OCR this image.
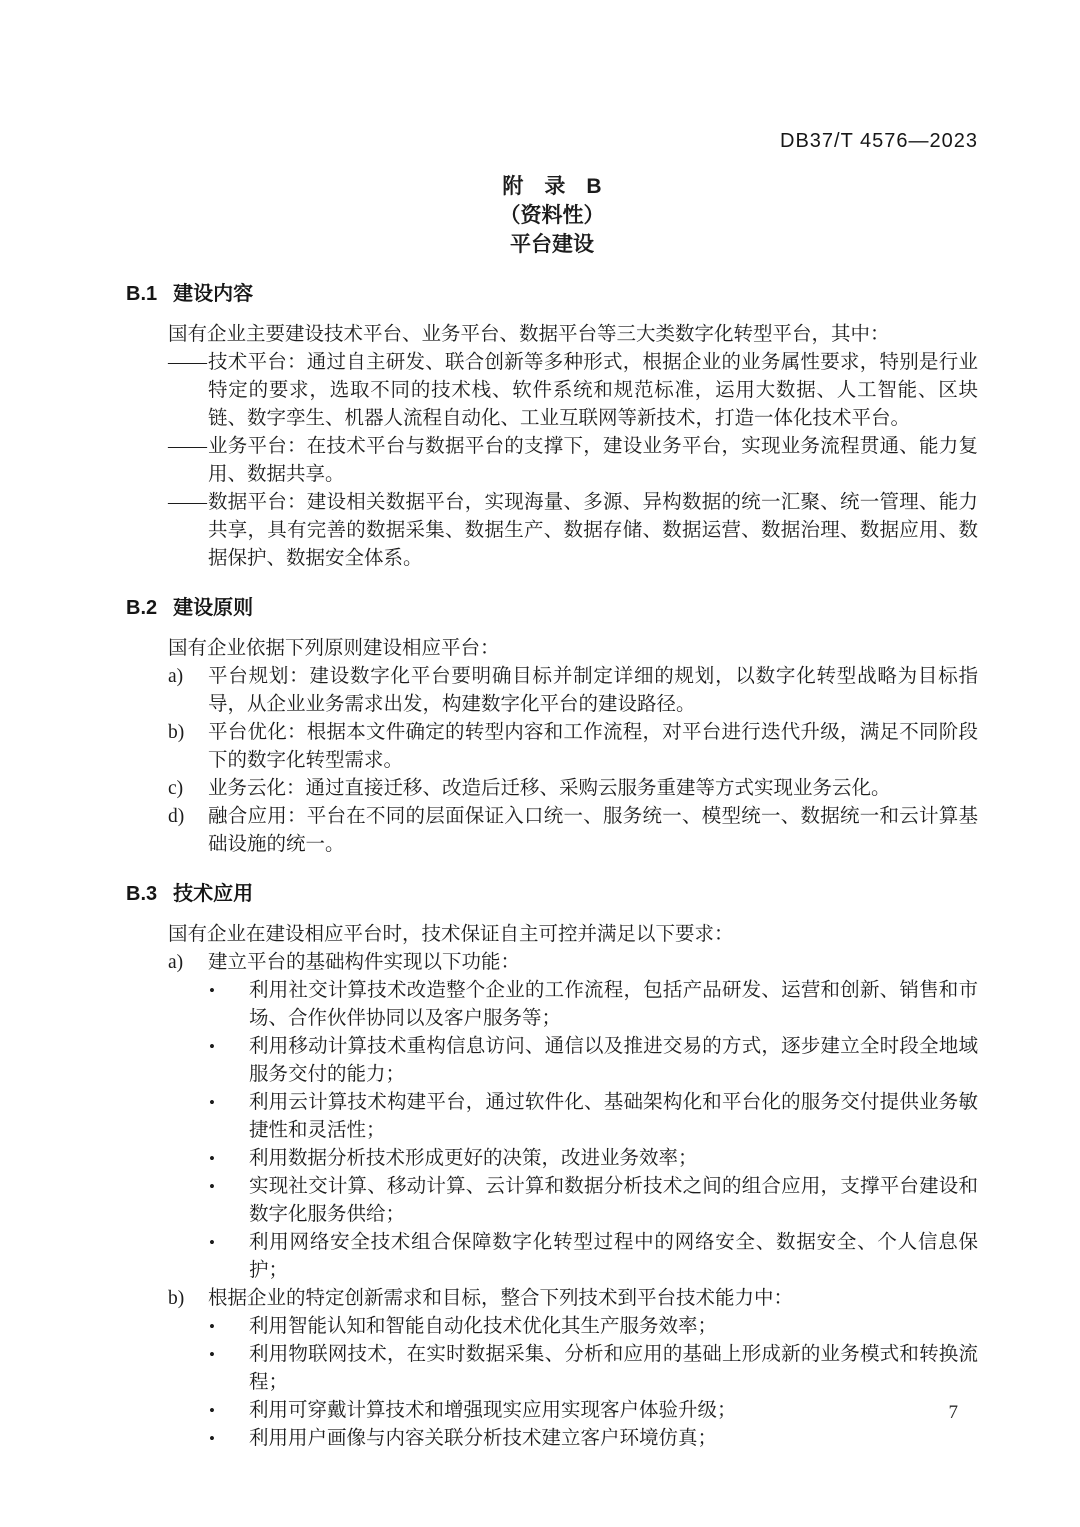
DB37/T 4576—2023
附　录　B
（资料性）
平台建设
B.1 建设内容

国有企业主要建设技术平台、业务平台、数据平台等三大类数字化转型平台，其中：

—— 技术平台：通过自主研发、联合创新等多种形式，根据企业的业务属性要求，特别是行业特定的要求，选取不同的技术栈、软件系统和规范标准，运用大数据、人工智能、区块链、数字孪生、机器人流程自动化、工业互联网等新技术，打造一体化技术平台。
—— 业务平台：在技术平台与数据平台的支撑下，建设业务平台，实现业务流程贯通、能力复用、数据共享。
—— 数据平台：建设相关数据平台，实现海量、多源、异构数据的统一汇聚、统一管理、能力共享，具有完善的数据采集、数据生产、数据存储、数据运营、数据治理、数据应用、数据保护、数据安全体系。
B.2 建设原则

国有企业依据下列原则建设相应平台：

a)	平台规划：建设数字化平台要明确目标并制定详细的规划，以数字化转型战略为目标指导，从企业业务需求出发，构建数字化平台的建设路径。
b)	平台优化：根据本文件确定的转型内容和工作流程，对平台进行迭代升级，满足不同阶段下的数字化转型需求。
c)	业务云化：通过直接迁移、改造后迁移、采购云服务重建等方式实现业务云化。
d)	融合应用：平台在不同的层面保证入口统一、服务统一、模型统一、数据统一和云计算基础设施的统一。
B.3 技术应用

国有企业在建设相应平台时，技术保证自主可控并满足以下要求：

a)	建立平台的基础构件实现以下功能：
•	利用社交计算技术改造整个企业的工作流程，包括产品研发、运营和创新、销售和市场、合作伙伴协同以及客户服务等；
•	利用移动计算技术重构信息访问、通信以及推进交易的方式，逐步建立全时段全地域服务交付的能力；
•	利用云计算技术构建平台，通过软件化、基础架构化和平台化的服务交付提供业务敏捷性和灵活性；
•	利用数据分析技术形成更好的决策，改进业务效率；
•	实现社交计算、移动计算、云计算和数据分析技术之间的组合应用，支撑平台建设和数字化服务供给；
•	利用网络安全技术组合保障数字化转型过程中的网络安全、数据安全、个人信息保护；
b)	根据企业的特定创新需求和目标，整合下列技术到平台技术能力中：
•	利用智能认知和智能自动化技术优化其生产服务效率；
•	利用物联网技术，在实时数据采集、分析和应用的基础上形成新的业务模式和转换流程；
•	利用可穿戴计算技术和增强现实应用实现客户体验升级；
•	利用用户画像与内容关联分析技术建立客户环境仿真；
7
